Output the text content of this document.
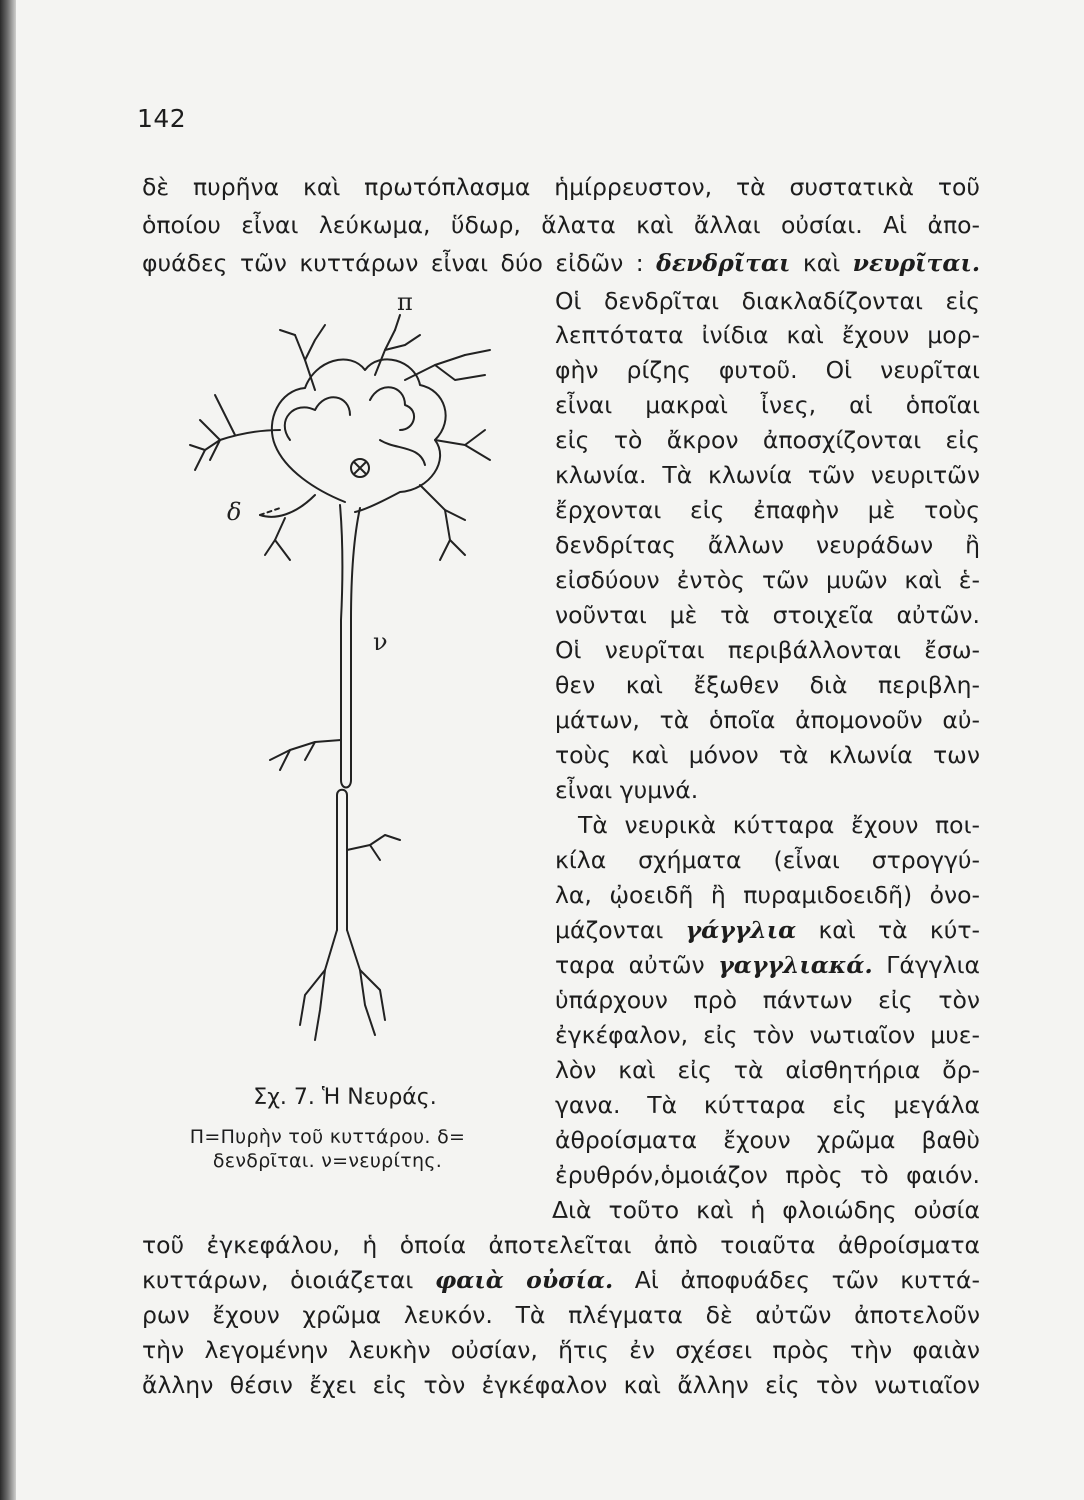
142
δὲ πυρῆνα καὶ πρωτόπλασμα ἡμίρρευστον, τὰ συστατικὰ τοῦ
ὁποίου εἶναι λεύκωμα, ὕδωρ, ἅλατα καὶ ἄλλαι οὐσίαι. Αἱ ἀπο-
φυάδες τῶν κυττάρων εἶναι δύο εἰδῶν : δενδρῖται καὶ νευρῖται.
Οἱ δενδρῖται διακλαδίζονται εἰς
λεπτότατα ἰνίδια καὶ ἔχουν μορ-
φὴν ρίζης φυτοῦ. Οἱ νευρῖται
εἶναι μακραὶ ἶνες, αἱ ὁποῖαι
εἰς τὸ ἄκρον ἀποσχίζονται εἰς
κλωνία. Τὰ κλωνία τῶν νευριτῶν
ἔρχονται εἰς ἐπαφὴν μὲ τοὺς
δενδρίτας ἄλλων νευράδων ἢ
εἰσδύουν ἐντὸς τῶν μυῶν καὶ ἑ-
νοῦνται μὲ τὰ στοιχεῖα αὐτῶν.
Οἱ νευρῖται περιβάλλονται ἔσω-
θεν καὶ ἔξωθεν διὰ περιβλη-
μάτων, τὰ ὁποῖα ἀπομονοῦν αὐ-
τοὺς καὶ μόνον τὰ κλωνία των
εἶναι γυμνά.
Τὰ νευρικὰ κύτταρα ἔχουν ποι-
κίλα σχήματα (εἶναι στρογγύ-
λα, ᾠοειδῆ ἢ πυραμιδοειδῆ) ὀνο-
μάζονται γάγγλια καὶ τὰ κύτ-
ταρα αὐτῶν γαγγλιακά. Γάγγλια
ὑπάρχουν πρὸ πάντων εἰς τὸν
ἐγκέφαλον, εἰς τὸν νωτιαῖον μυε-
λὸν καὶ εἰς τὰ αἰσθητήρια ὄρ-
γανα. Τὰ κύτταρα εἰς μεγάλα
ἀθροίσματα ἔχουν χρῶμα βαθὺ
ἐρυθρόν,ὁμοιάζον πρὸς τὸ φαιόν.
Διὰ τοῦτο καὶ ἡ φλοιώδης οὐσία
τοῦ ἐγκεφάλου, ἡ ὁποία ἀποτελεῖται ἀπὸ τοιαῦτα ἀθροίσματα
κυττάρων, ὁιοιάζεται φαιὰ οὐσία. Αἱ ἀποφυάδες τῶν κυττά-
ρων ἔχουν χρῶμα λευκόν. Τὰ πλέγματα δὲ αὐτῶν ἀποτελοῦν
τὴν λεγομένην λευκὴν οὐσίαν, ἥτις ἐν σχέσει πρὸς τὴν φαιὰν
ἄλλην θέσιν ἔχει εἰς τὸν ἐγκέφαλον καὶ ἄλλην εἰς τὸν νωτιαῖον
π
δ
ν
Σχ. 7. Ἡ Νευράς.
Π=Πυρὴν τοῦ κυττάρου. δ=
δενδρῖται. ν=νευρίτης.
